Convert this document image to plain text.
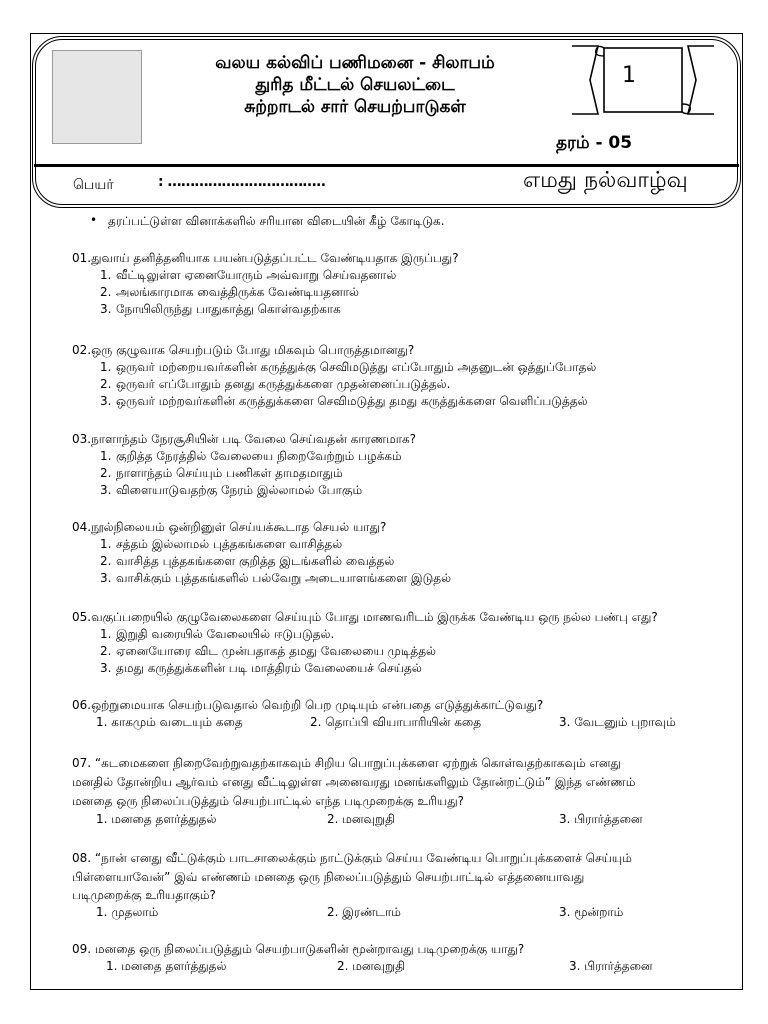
வலய கல்விப் பணிமனை - சிலாபம்
துரித மீட்டல் செயலட்டை
சுற்றாடல் சார் செயற்பாடுகள்
1
தரம் - 05
பெயர்	: ……………………………..	எமது நல்வாழ்வு
• தரப்பட்டுள்ள வினாக்களில் சரியான விடையின் கீழ் கோடிடுக.
01.துவாய் தனித்தனியாக பயன்படுத்தப்பட்ட வேண்டியதாக இருப்பது?
1. வீட்டிலுள்ள ஏனையோரும் அவ்வாறு செய்வதனால்
2. அலங்காரமாக வைத்திருக்க வேண்டியதனால்
3. நோயிலிருந்து பாதுகாத்து கொள்வதற்காக
02.ஒரு குழுவாக செயற்படும் போது மிகவும் பொருத்தமானது?
1. ஒருவர் மற்றையவர்களின் கருத்துக்கு செவிமடுத்து எப்போதும் அதனுடன் ஒத்துப்போதல்
2. ஒருவர் எப்போதும் தனது கருத்துக்களை முதன்னைப்படுத்தல்.
3. ஒருவர் மற்றவர்களின் கருத்துக்களை செவிமடுத்து தமது கருத்துக்களை வெளிப்படுத்தல்
03.நாளாந்தம் நேரசூசியின் படி வேலை செய்வதன் காரணமாக?
1. குறித்த நேரத்தில் வேலையை நிறைவேற்றும் பழக்கம்
2. நாளாந்தம் செய்யும் பணிகள் தாமதமாதும்
3. விளையாடுவதற்கு நேரம் இல்லாமல் போகும்
04.நூல்நிலையம் ஒன்றினுள் செய்யக்கூடாத செயல் யாது?
1. சத்தம் இல்லாமல் புத்தகங்களை வாசித்தல்
2. வாசித்த புத்தகங்களை குறித்த இடங்களில் வைத்தல்
3. வாசிக்கும் புத்தகங்களில் பல்வேறு அடையாளங்களை இடுதல்
05.வகுப்பறையில் குழுவேலைகளை செய்யும் போது மாணவரிடம் இருக்க வேண்டிய ஒரு நல்ல பண்பு எது?
1. இறுதி வரையில் வேலையில் ஈடுபடுதல்.
2. ஏனையோரை விட முன்பதாகத் தமது வேலையை முடித்தல்
3. தமது கருத்துக்களின் படி மாத்திரம் வேலையைச் செய்தல்
06.ஒற்றுமையாக செயற்படுவதால் வெற்றி பெற முடியும் என்பதை எடுத்துக்காட்டுவது?
1. காகமும் வடையும் கதை	2. தொப்பி வியாபாரியின் கதை	3. வேடனும் புறாவும்
07. “கடமைகளை நிறைவேற்றுவதற்காகவும் சிறிய பொறுப்புக்களை ஏற்றுக் கொள்வதற்காகவும் எனது
மனதில் தோன்றிய ஆர்வம் எனது வீட்டிலுள்ள அனைவரது மனங்களிலும் தோன்றட்டும்” இந்த எண்ணம்
மனதை ஒரு நிலைப்படுத்தும் செயற்பாட்டில் எந்த படிமுறைக்கு உரியது?
1. மனதை தளர்த்துதல்	2. மனவுறுதி	3. பிரார்த்தனை
08. “நான் எனது வீட்டுக்கும் பாடசாலைக்கும் நாட்டுக்கும் செய்ய வேண்டிய பொறுப்புக்களைச் செய்யும்
பிள்ளையாவேன்” இவ் எண்ணம் மனதை ஒரு நிலைப்படுத்தும் செயற்பாட்டில் எத்தனையாவது
படிமுறைக்கு உரியதாகும்?
1. முதலாம்	2. இரண்டாம்	3. மூன்றாம்
09. மனதை ஒரு நிலைப்படுத்தும் செயற்பாடுகளின் மூன்றாவது படிமுறைக்கு யாது?
1. மனதை தளர்த்துதல்	2. மனவுறுதி	3. பிரார்த்தனை
